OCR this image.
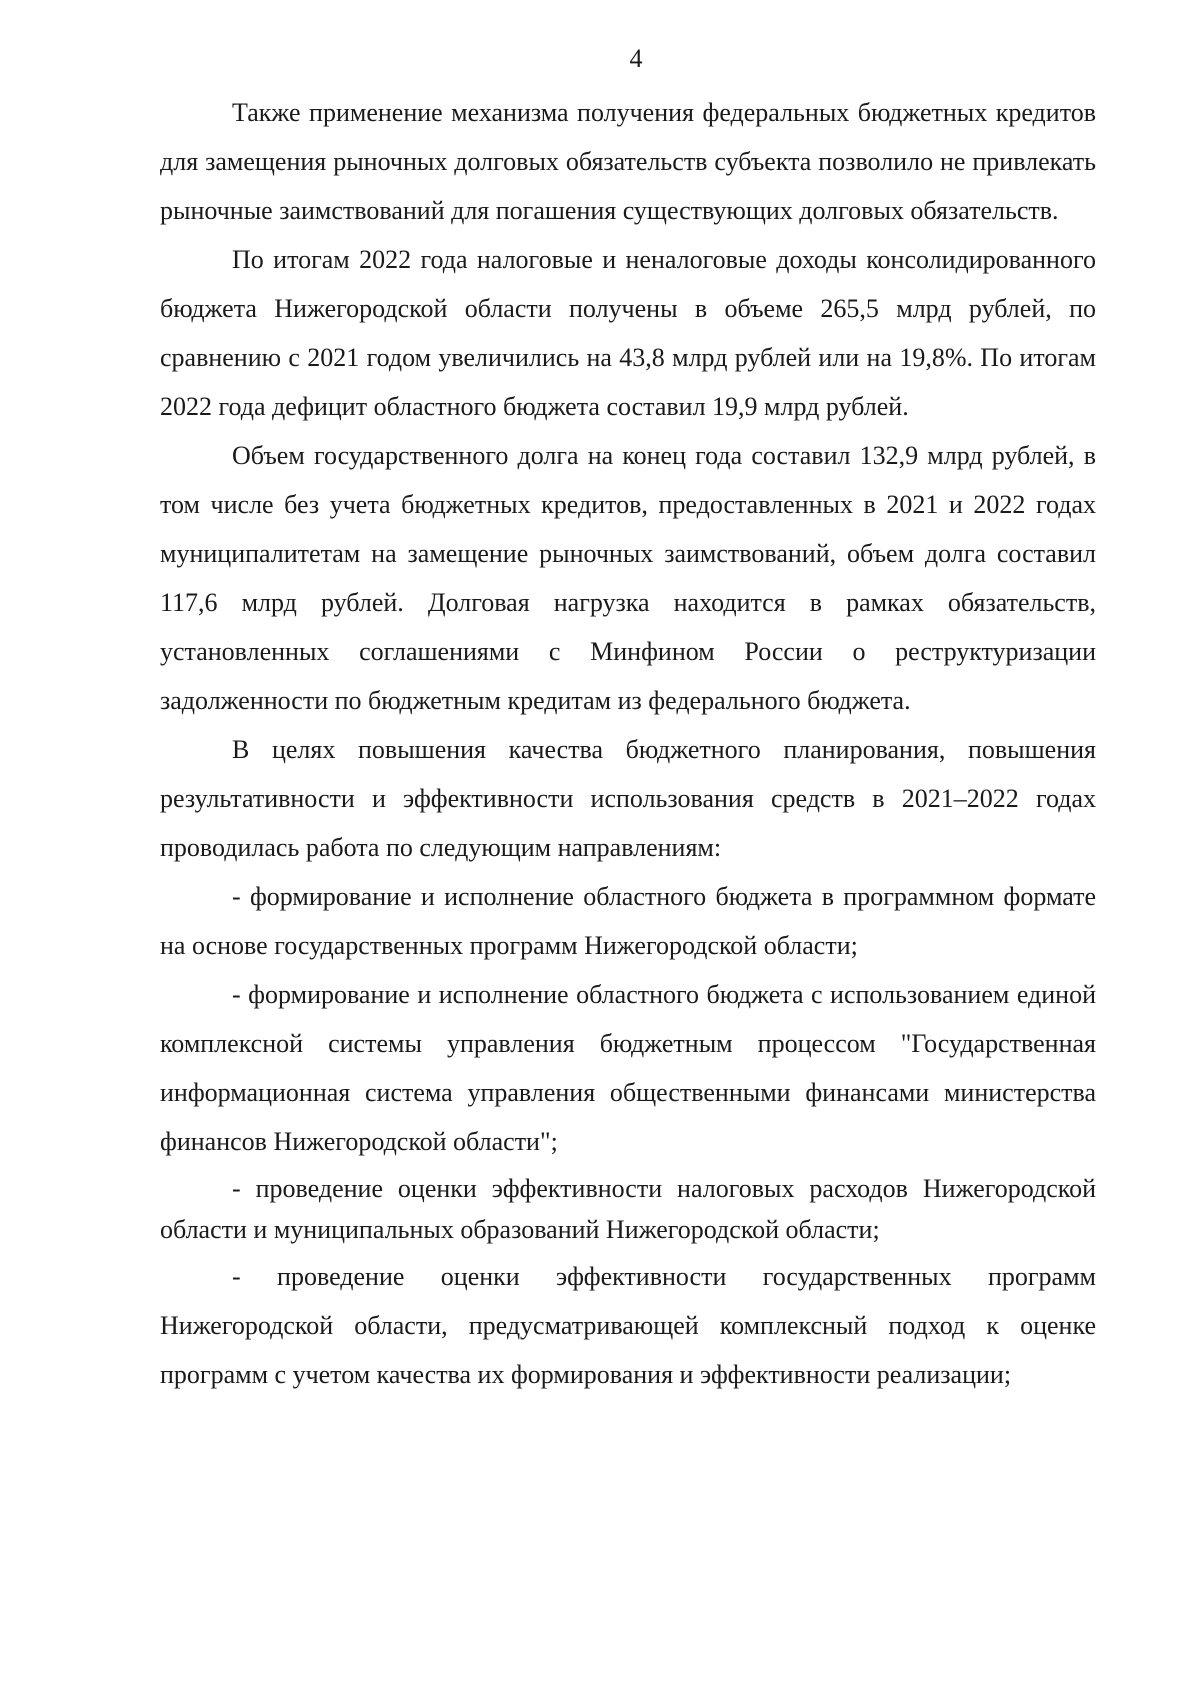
4

Также применение механизма получения федеральных бюджетных кредитов для замещения рыночных долговых обязательств субъекта позволило не привлекать рыночные заимствований для погашения существующих долговых обязательств.

По итогам 2022 года налоговые и неналоговые доходы консолидированного бюджета Нижегородской области получены в объеме 265,5 млрд рублей, по сравнению с 2021 годом увеличились на 43,8 млрд рублей или на 19,8%. По итогам 2022 года дефицит областного бюджета составил 19,9 млрд рублей.

Объем государственного долга на конец года составил 132,9 млрд рублей, в том числе без учета бюджетных кредитов, предоставленных в 2021 и 2022 годах муниципалитетам на замещение рыночных заимствований, объем долга составил 117,6 млрд рублей. Долговая нагрузка находится в рамках обязательств, установленных соглашениями с Минфином России о реструктуризации задолженности по бюджетным кредитам из федерального бюджета.

В целях повышения качества бюджетного планирования, повышения результативности и эффективности использования средств в 2021–2022 годах проводилась работа по следующим направлениям:

- формирование и исполнение областного бюджета в программном формате на основе государственных программ Нижегородской области;

- формирование и исполнение областного бюджета с использованием единой комплексной системы управления бюджетным процессом "Государственная информационная система управления общественными финансами министерства финансов Нижегородской области";

- проведение оценки эффективности налоговых расходов Нижегородской области и муниципальных образований Нижегородской области;

- проведение оценки эффективности государственных программ Нижегородской области, предусматривающей комплексный подход к оценке программ с учетом качества их формирования и эффективности реализации;
